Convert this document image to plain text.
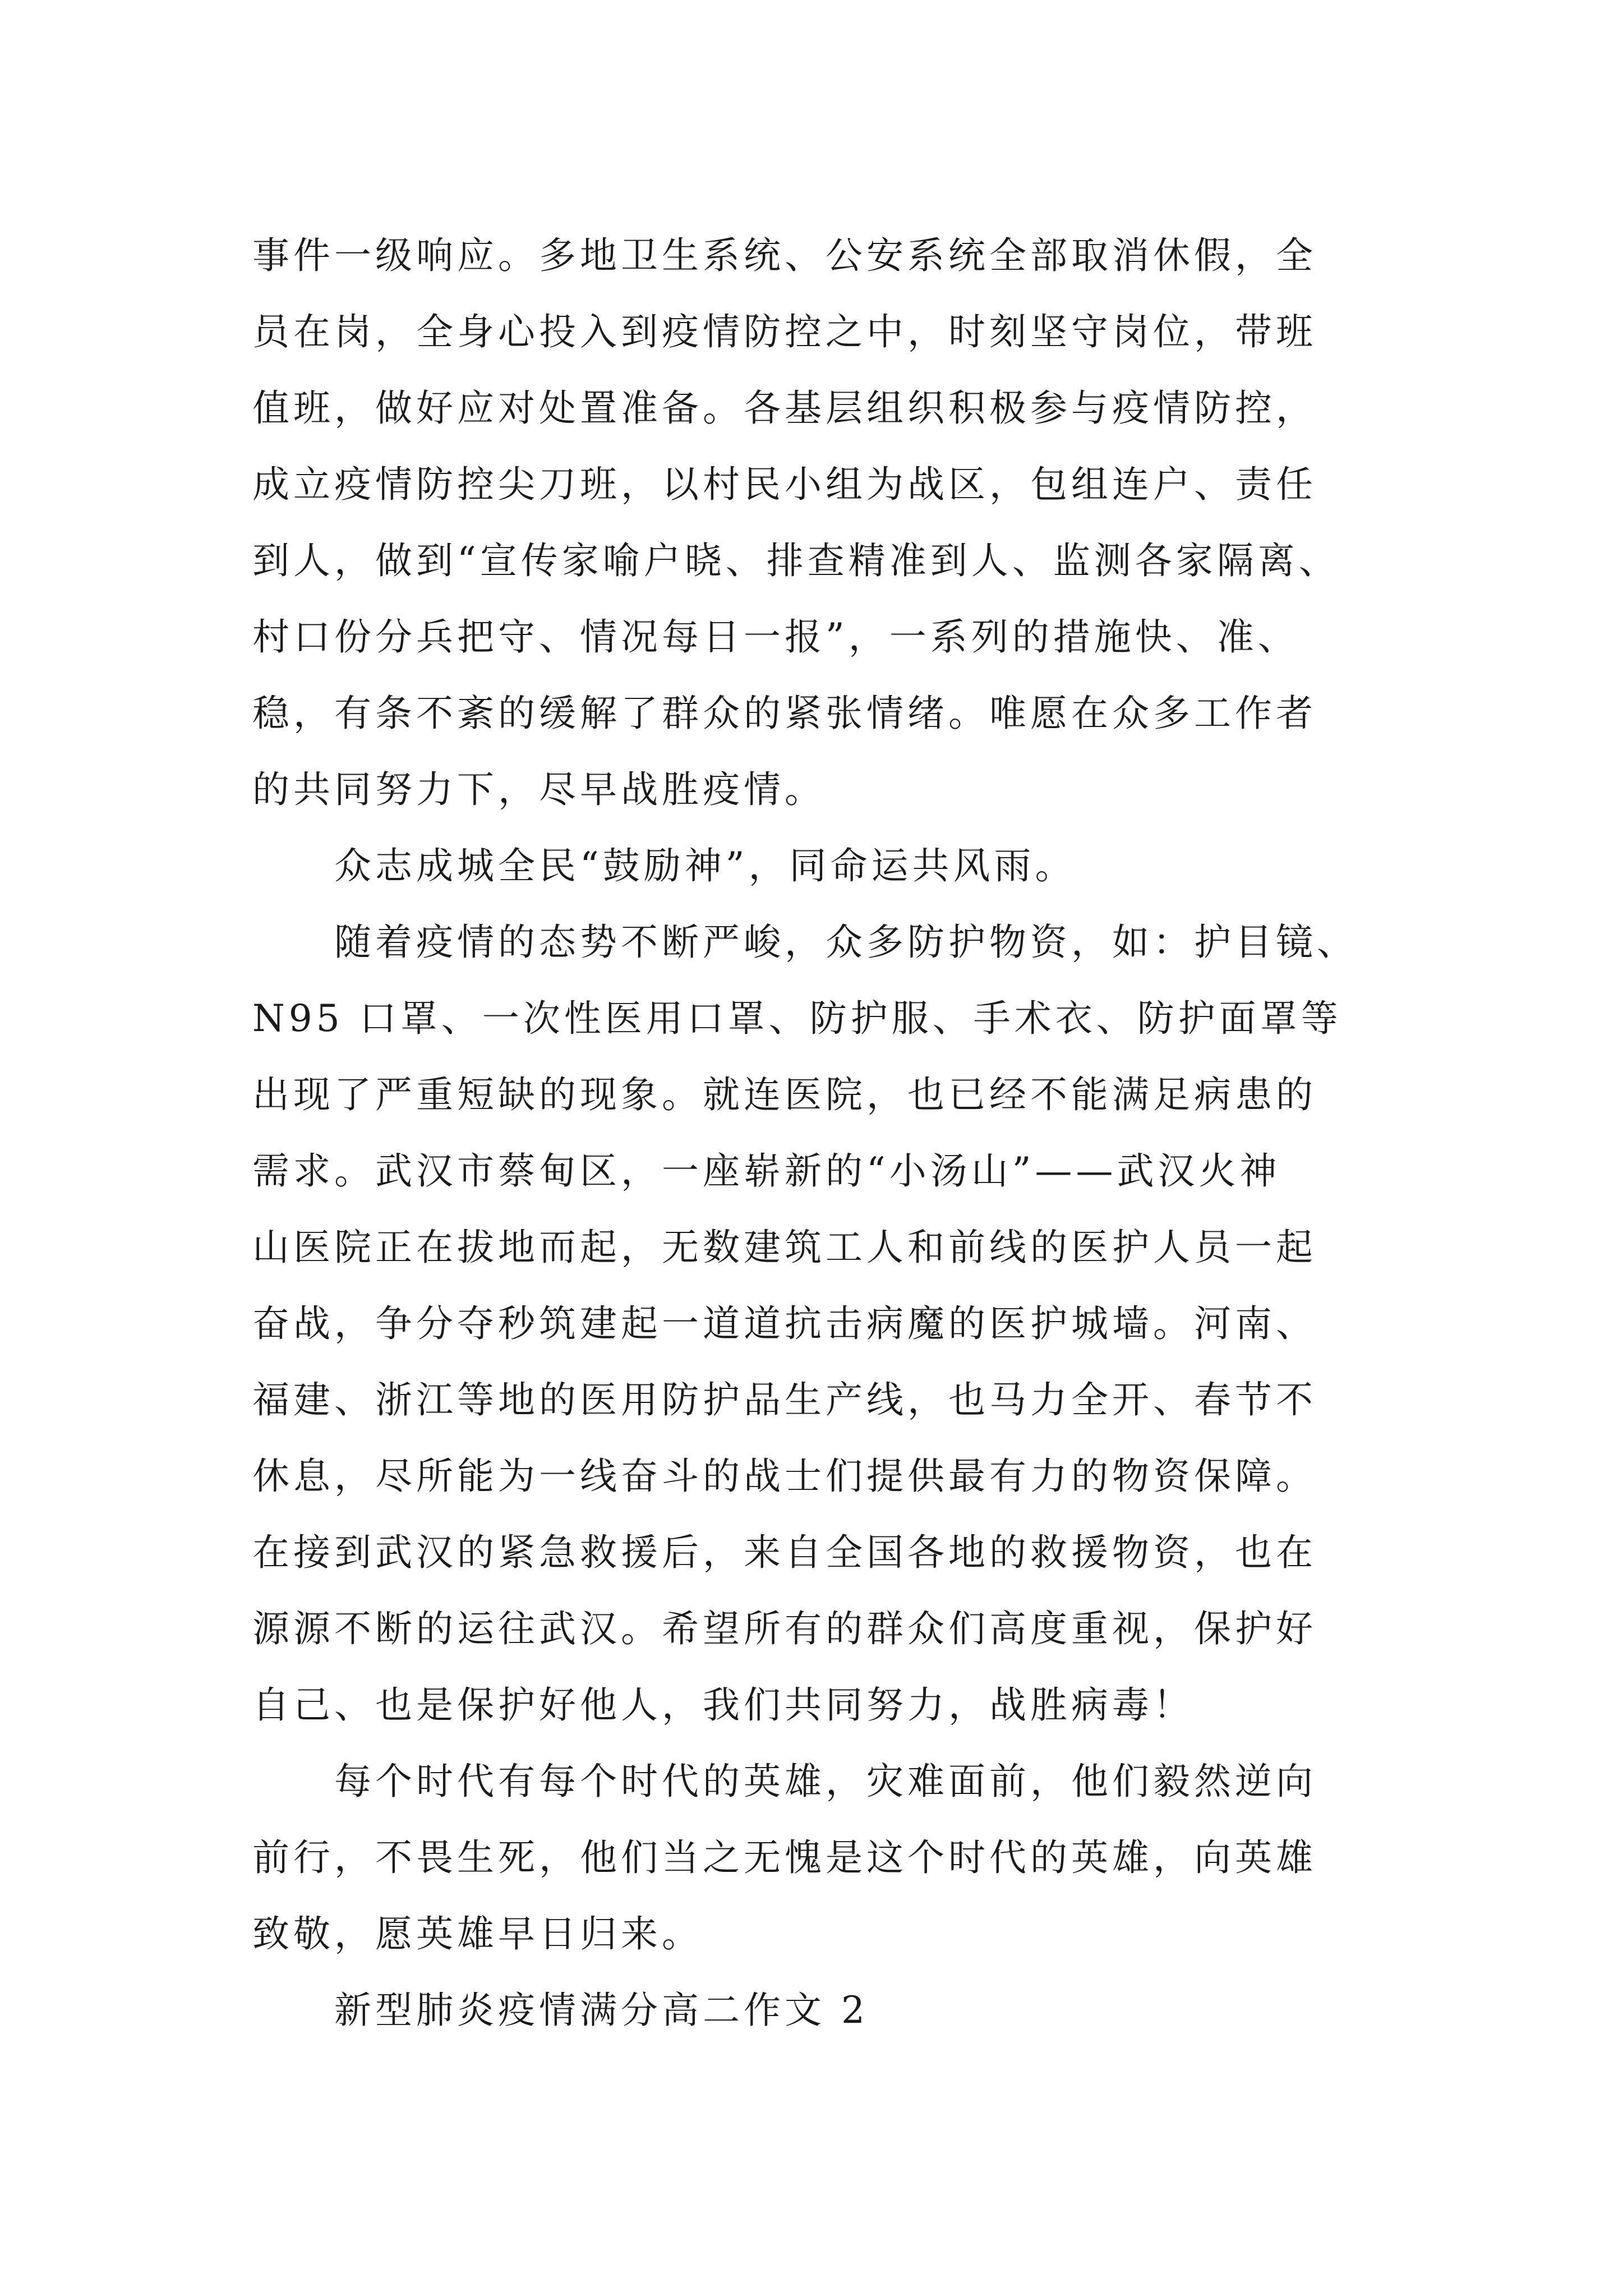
事件一级响应。多地卫生系统、公安系统全部取消休假，全
员在岗，全身心投入到疫情防控之中，时刻坚守岗位，带班
值班，做好应对处置准备。各基层组织积极参与疫情防控，
成立疫情防控尖刀班，以村民小组为战区，包组连户、责任
到人，做到“宣传家喻户晓、排查精准到人、监测各家隔离、
村口份分兵把守、情况每日一报”，一系列的措施快、准、
稳，有条不紊的缓解了群众的紧张情绪。唯愿在众多工作者
的共同努力下，尽早战胜疫情。
众志成城全民“鼓励神”，同命运共风雨。
随着疫情的态势不断严峻，众多防护物资，如：护目镜、
N95 口罩、一次性医用口罩、防护服、手术衣、防护面罩等
出现了严重短缺的现象。就连医院，也已经不能满足病患的
需求。武汉市蔡甸区，一座崭新的“小汤山”——武汉火神
山医院正在拔地而起，无数建筑工人和前线的医护人员一起
奋战，争分夺秒筑建起一道道抗击病魔的医护城墙。河南、
福建、浙江等地的医用防护品生产线，也马力全开、春节不
休息，尽所能为一线奋斗的战士们提供最有力的物资保障。
在接到武汉的紧急救援后，来自全国各地的救援物资，也在
源源不断的运往武汉。希望所有的群众们高度重视，保护好
自己、也是保护好他人，我们共同努力，战胜病毒！
每个时代有每个时代的英雄，灾难面前，他们毅然逆向
前行，不畏生死，他们当之无愧是这个时代的英雄，向英雄
致敬，愿英雄早日归来。
新型肺炎疫情满分高二作文 2
